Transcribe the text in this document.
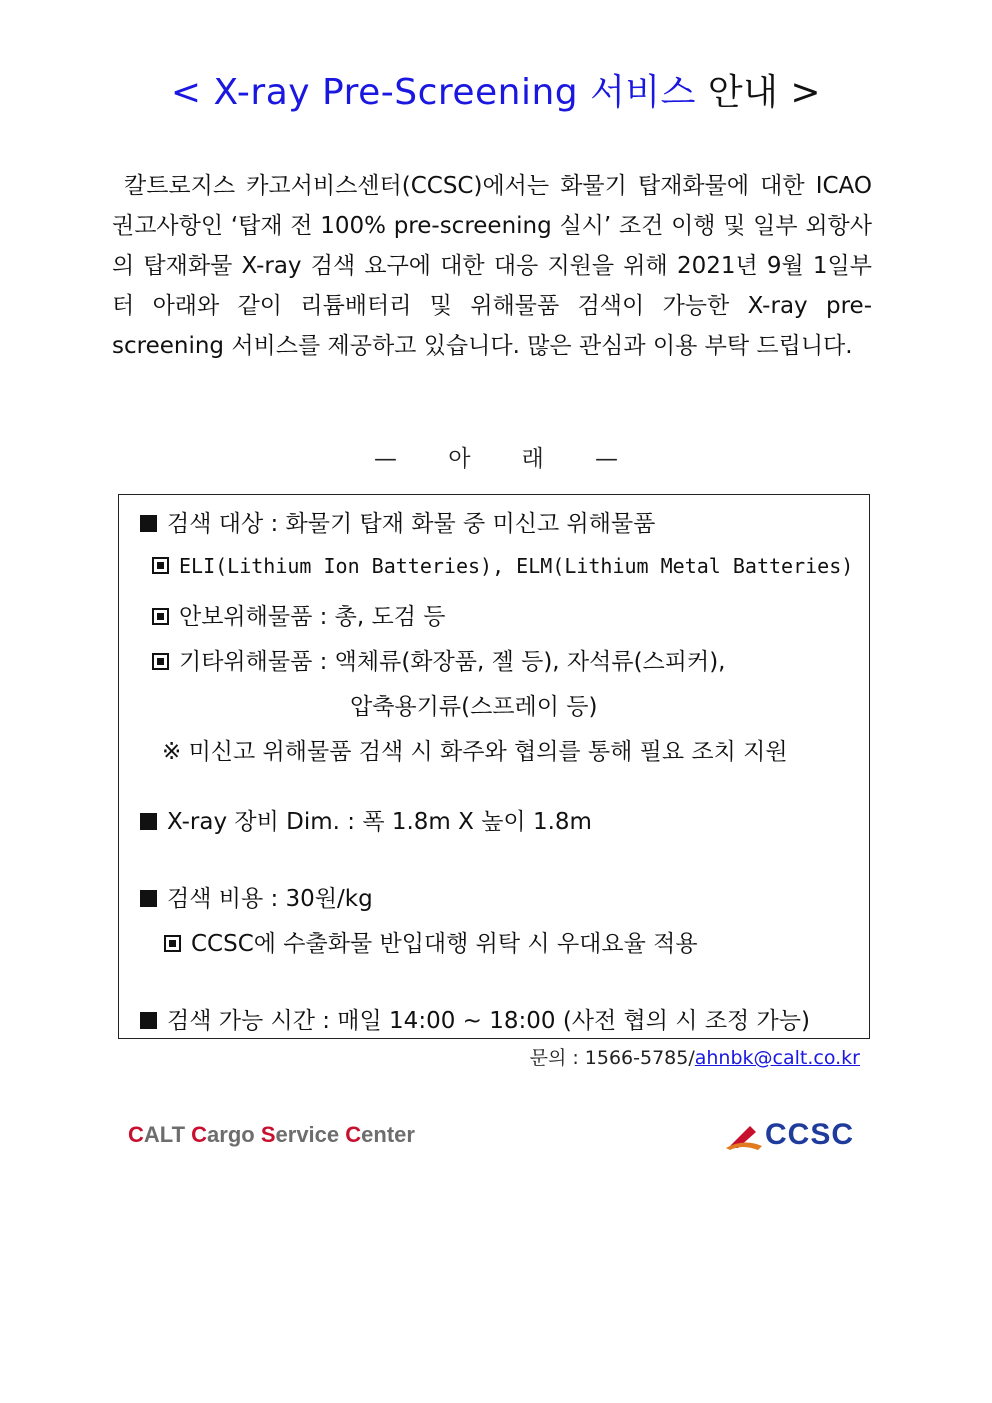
< X-ray Pre-Screening 서비스 안내 >

칼트로지스 카고서비스센터(CCSC)에서는 화물기 탑재화물에 대한 ICAO 권고사항인 ‘탑재 전 100% pre-screening 실시’ 조건 이행 및 일부 외항사의 탑재화물 X-ray 검색 요구에 대한 대응 지원을 위해 2021년 9월 1일부터 아래와 같이 리튬배터리 및 위해물품 검색이 가능한 X-ray pre-screening 서비스를 제공하고 있습니다. 많은 관심과 이용 부탁 드립니다.

—       아       래       —
검색 대상 : 화물기 탑재 화물 중 미신고 위해물품
ELI(Lithium Ion Batteries), ELM(Lithium Metal Batteries)
안보위해물품 : 총, 도검 등
기타위해물품 : 액체류(화장품, 젤 등), 자석류(스피커),
압축용기류(스프레이 등)
※ 미신고 위해물품 검색 시 화주와 협의를 통해 필요 조치 지원
X-ray 장비 Dim. : 폭 1.8m X 높이 1.8m
검색 비용 : 30원/kg
CCSC에 수출화물 반입대행 위탁 시 우대요율 적용
검색 가능 시간 : 매일 14:00 ~ 18:00 (사전 협의 시 조정 가능)
문의 : 1566-5785/ahnbk@calt.co.kr
CALT Cargo Service Center	CCSC
